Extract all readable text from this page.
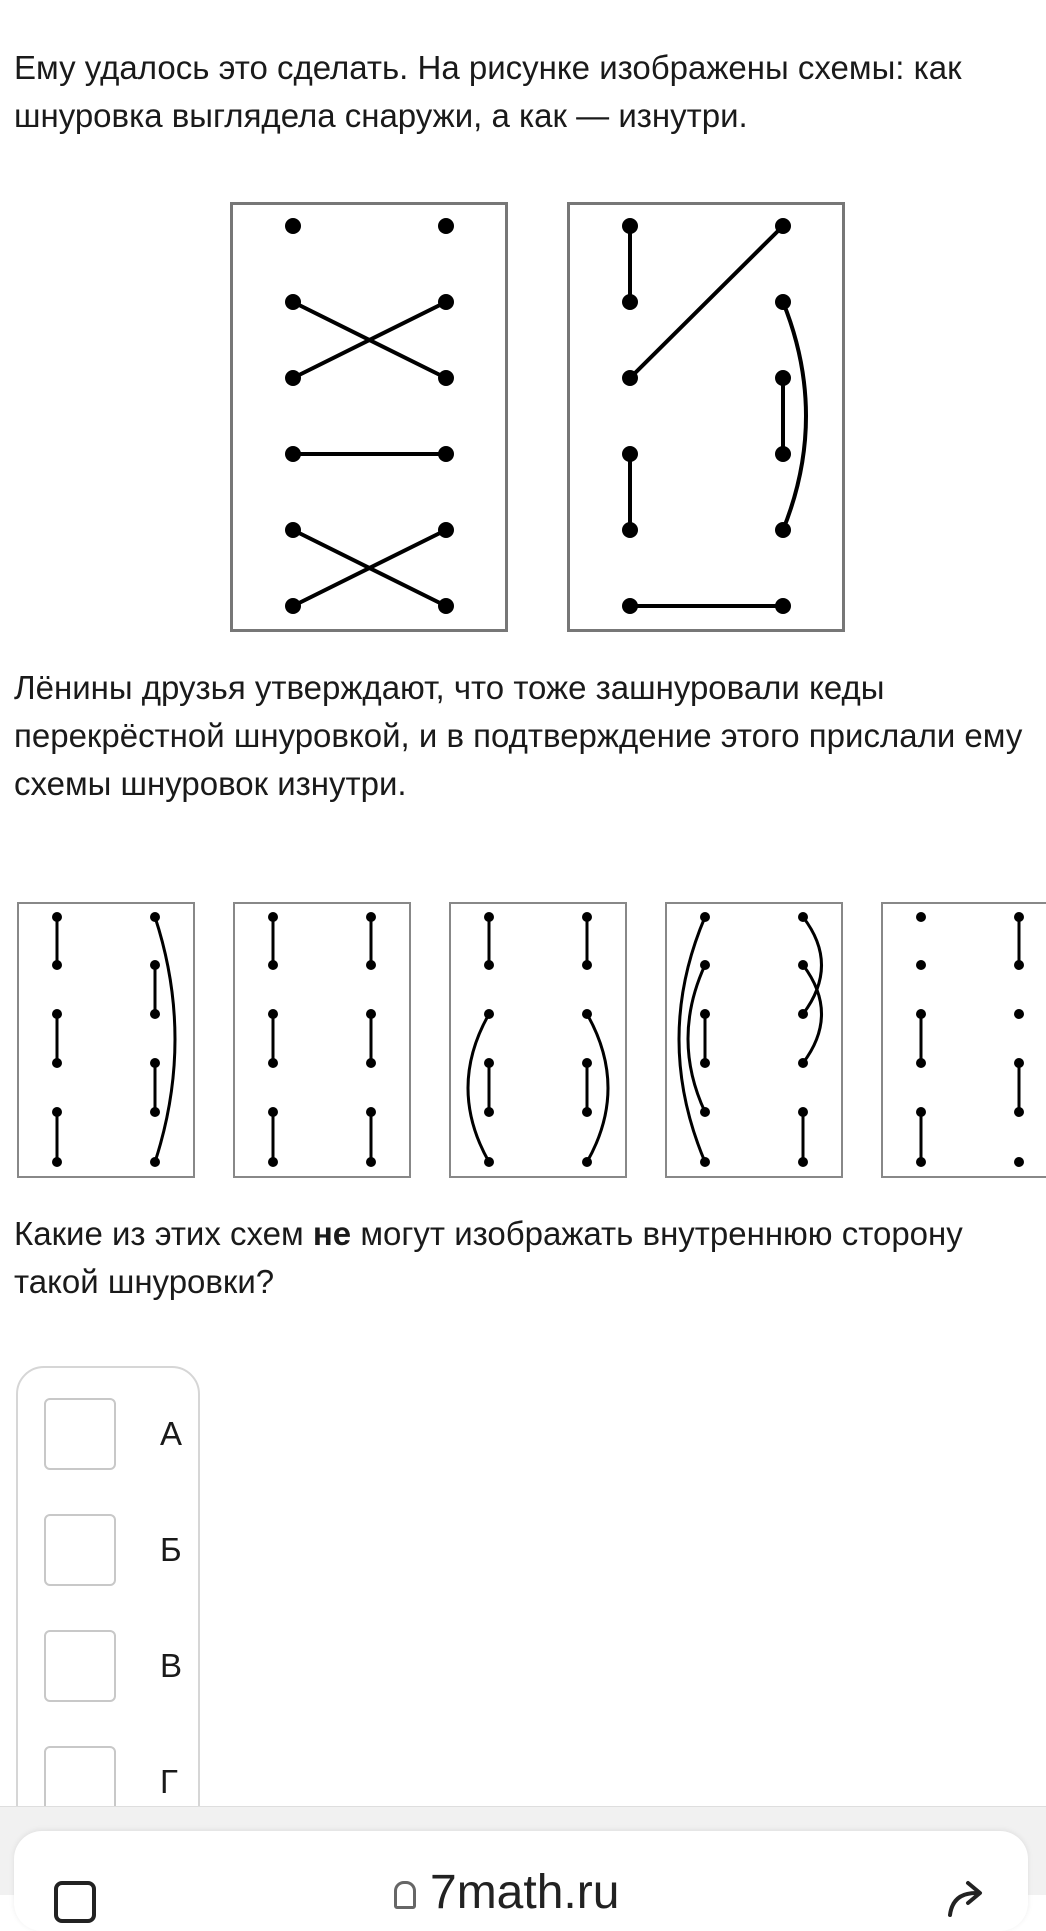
Ему удалось это сделать. На рисунке изображены схемы: как шнуровка выглядела снаружи, а как — изнутри.

Лёнины друзья утверждают, что тоже зашнуровали кеды перекрёстной шнуровкой, и в подтверждение этого прислали ему схемы шнуровок изнутри.

Какие из этих схем не могут изображать внутреннюю сторону такой шнуровки?

А
Б
В
Г
7math.ru
